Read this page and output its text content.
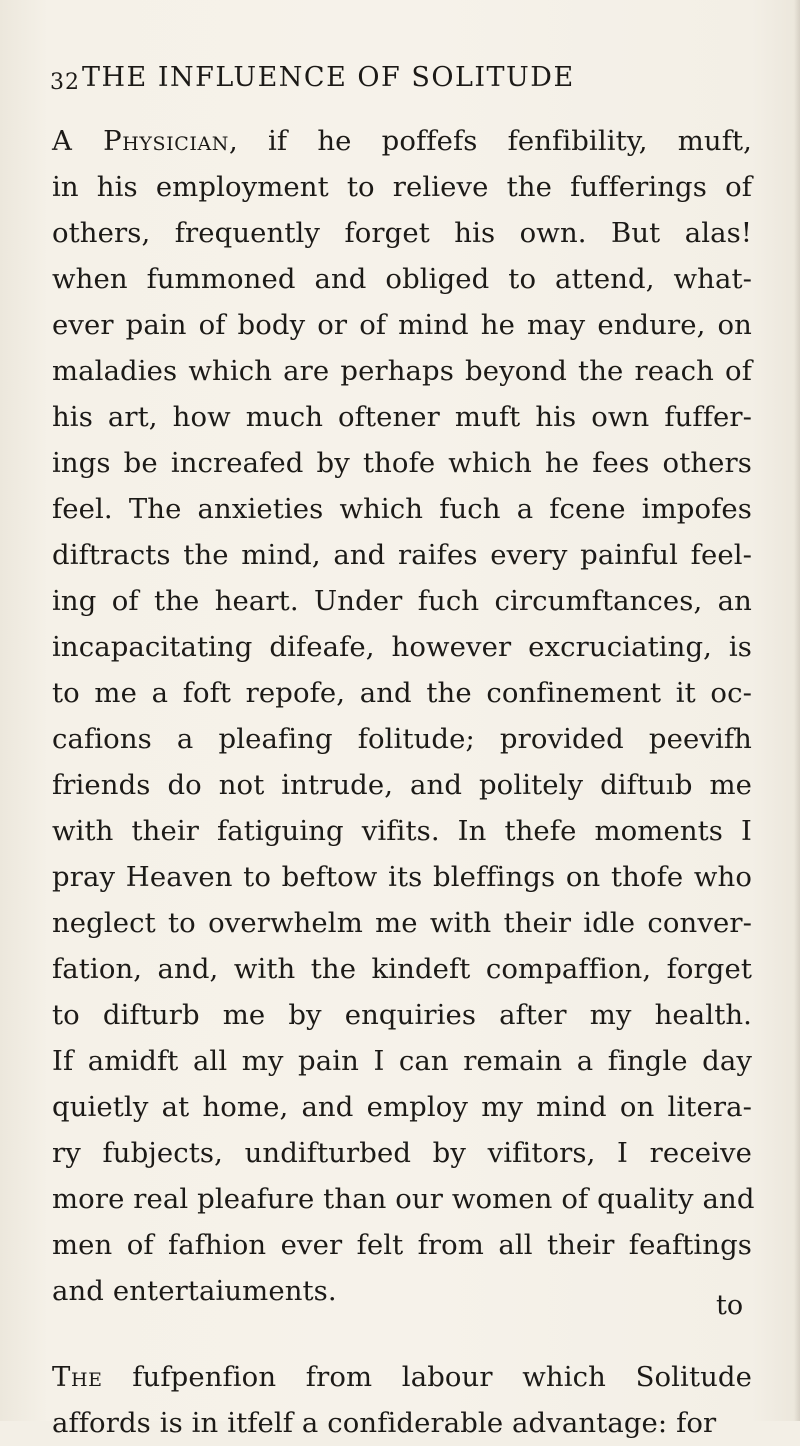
32 THE INFLUENCE OF SOLITUDE
A Physician, if he poffefs fenfibility, muft,
in his employment to relieve the fufferings of
others, frequently forget his own. But alas!
when fummoned and obliged to attend, what-
ever pain of body or of mind he may endure, on
maladies which are perhaps beyond the reach of
his art, how much oftener muft his own fuffer-
ings be increafed by thofe which he fees others
feel. The anxieties which fuch a fcene impofes
diftracts the mind, and raifes every painful feel-
ing of the heart. Under fuch circumftances, an
incapacitating difeafe, however excruciating, is
to me a foft repofe, and the confinement it oc-
cafions a pleafing folitude; provided peevifh
friends do not intrude, and politely diftuıb me
with their fatiguing vifits. In thefe moments I
pray Heaven to beftow its bleffings on thofe who
neglect to overwhelm me with their idle conver-
fation, and, with the kindeft compaffion, forget
to difturb me by enquiries after my health.
If amidft all my pain I can remain a fingle day
quietly at home, and employ my mind on litera-
ry fubjects, undifturbed by vifitors, I receive
more real pleafure than our women of quality and
men of fafhion ever felt from all their feaftings
and entertaiuments.
The fufpenfion from labour which Solitude
affords is in itfelf a confiderable advantage: for
to
